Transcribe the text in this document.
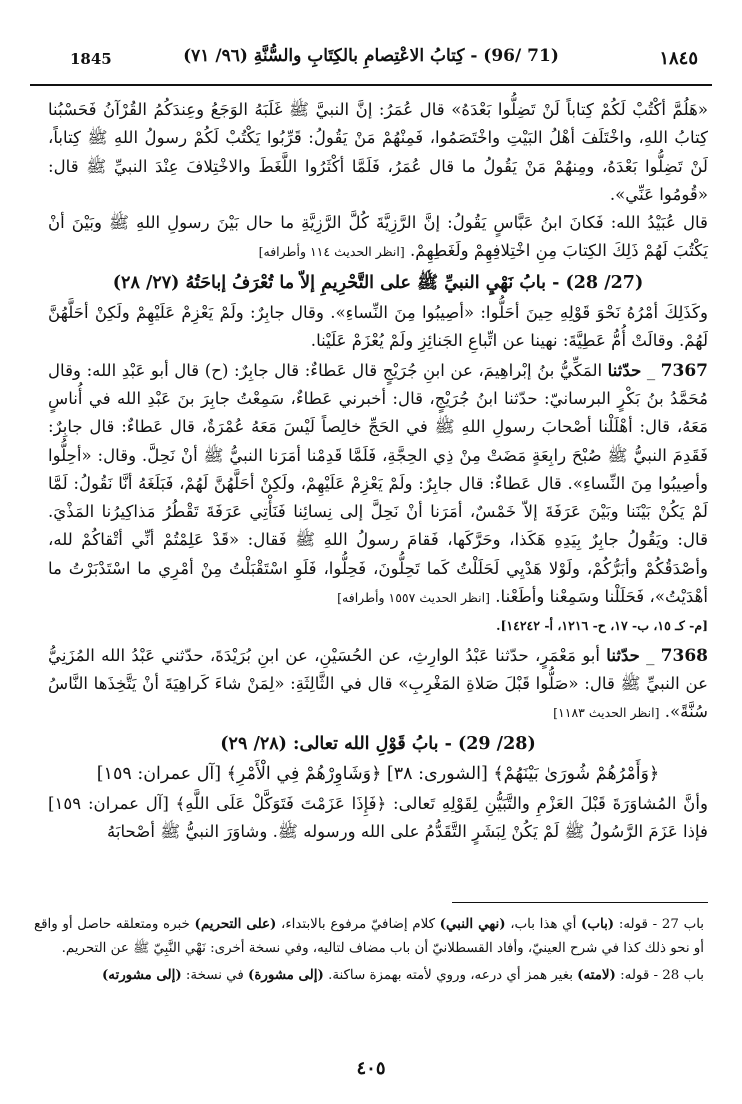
1845	(71 /96) - كِتابُ الاعْتِصامِ بالكِتَابِ والسُّنَّةِ (٩٦/ ٧١)	١٨٤٥

«هَلُمَّ أكْتُبْ لَكُمْ كِتاباً لَنْ تَضِلُّوا بَعْدَهُ» قال عُمَرُ: إنَّ النبيَّ ﷺ غَلَبَهُ الوَجَعُ وعِندَكُمُ القُرْآنُ فَحَسْبُنا كِتابُ اللهِ، واخْتَلَفَ أهْلُ البَيْتِ واخْتَصَمُوا، فَمِنْهُمْ مَنْ يَقُولُ: قَرِّبُوا يَكْتُبْ لَكُمْ رسولُ اللهِ ﷺ كِتاباً، لَنْ تَضِلُّوا بَعْدَهُ، ومِنهُمْ مَنْ يَقُولُ ما قال عُمَرُ، فَلَمَّا أكْثَرُوا اللَّغَطَ والاخْتِلافَ عِنْدَ النبيِّ ﷺ قال: «قُومُوا عَنِّي».

قال عُبَيْدُ الله: فَكانَ ابنُ عَبَّاسٍ يَقُولُ: إنَّ الرَّزِيَّةَ كُلَّ الرَّزِيَّةِ ما حال بَيْنَ رسولِ اللهِ ﷺ وبَيْنَ أنْ يَكْتُبَ لَهُمْ ذَلِكَ الكِتابَ مِنِ اخْتِلافِهِمْ ولَغَطِهِمْ. [انظر الحديث ١١٤ وأطرافه]

(27/ 28) - بابُ نَهْيِ النبيِّ ﷺ على التَّحْرِيمِ إلاّ ما تُعْرَفُ إباحَتُهُ (٢٧/ ٢٨)

وكَذَلِكَ أمْرُهُ نَحْوَ قَوْلِهِ حِينَ أحَلُّوا: «أصِيبُوا مِنَ النِّساءِ». وقال جابِرٌ: ولَمْ يَعْزِمْ عَلَيْهِمْ ولَكِنْ أحَلَّهُنَّ لَهُمْ. وقالَتْ أُمُّ عَطِيَّةَ: نهينا عن اتِّباعِ الجَنائِزِ ولَمْ يُعْزَمْ عَلَيْنا.

7367 _ حدّثنا المَكِّيُّ بنُ إبْراهِيمَ، عن ابنِ جُرَيْجٍ قال عَطاءٌ: قال جابِرٌ: (ح) قال أبو عَبْدِ الله: وقال مُحَمَّدُ بنُ بَكْرٍ البرسانيّ: حدّثنا ابنُ جُرَيْجٍ، قال: أخبرني عَطاءٌ، سَمِعْتُ جابِرَ بنَ عَبْدِ الله في أُناسٍ مَعَهُ، قال: أهْلَلْنا أصْحابَ رسولِ اللهِ ﷺ في الحَجِّ خالِصاً لَيْسَ مَعَهُ عُمْرَةٌ، قال عَطاءٌ: قال جابِرٌ: فَقَدِمَ النبيُّ ﷺ صُبْحَ رابِعَةٍ مَضَتْ مِنْ ذِي الحِجَّةِ، فَلَمَّا قَدِمْنا أمَرَنا النبيُّ ﷺ أنْ نَحِلَّ. وقال: «أحِلُّوا وأصِيبُوا مِنَ النِّساءِ». قال عَطاءٌ: قال جابِرٌ: ولَمْ يَعْزِمْ عَلَيْهِمْ، ولَكِنْ أحَلَّهُنَّ لَهُمْ، فَبَلَغَهُ أنَّا نَقُولُ: لَمَّا لَمْ يَكُنْ بَيْنَنا وبَيْنَ عَرَفَةَ إلاّ خَمْسٌ، أمَرَنا أنْ نَحِلَّ إلى نِسائِنا فَنَأْتِي عَرَفَةَ تَقْطُرُ مَذاكِيرُنا المَذْيَ. قال: ويَقُولُ جابِرٌ بِيَدِهِ هَكَذا، وحَرَّكَها، فَقامَ رسولُ اللهِ ﷺ فَقال: «قَدْ عَلِمْتُمْ أنِّي أتْقاكُمْ لله، وأصْدَقُكُمْ وأبَرُّكُمْ، ولَوْلا هَدْيِي لَحَلَلْتُ كَما تَحِلُّونَ، فَحِلُّوا، فَلَوِ اسْتَقْبَلْتُ مِنْ أمْرِي ما اسْتَدْبَرْتُ ما أهْدَيْتُ»، فَحَلَلْنا وسَمِعْنا وأطَعْنا. [انظر الحديث ١٥٥٧ وأطرافه]
[م- كـ ١٥، ب- ١٧، ح- ١٢١٦، أ- ١٤٢٤٢].

7368 _ حدّثنا أبو مَعْمَرٍ، حدّثنا عَبْدُ الوارِثِ، عن الحُسَيْنِ، عن ابنِ بُرَيْدَةَ، حدّثني عَبْدُ الله المُزَنِيُّ عن النبيِّ ﷺ قال: «صَلُّوا قَبْلَ صَلاةِ المَغْرِبِ» قال في الثَّالِثَةِ: «لِمَنْ شاءَ كَراهِيَةَ أنْ يَتَّخِذَها النَّاسُ سُنَّةً». [انظر الحديث ١١٨٣]

(28/ 29) - بابُ قَوْلِ الله تعالى: (٢٨/ ٢٩)

﴿وَأَمْرُهُمْ شُورَىٰ بَيْنَهُمْ﴾ [الشورى: ٣٨] ﴿وَشَاوِرْهُمْ فِي الْأَمْرِ﴾ [آل عمران: ١٥٩]

وأنَّ المُشاوَرَةَ قَبْلَ العَزْمِ والتَّبَيُّنِ لِقَوْلِهِ تَعالى: ﴿فَإِذَا عَزَمْتَ فَتَوَكَّلْ عَلَى اللَّهِ﴾ [آل عمران: ١٥٩] فإذا عَزَمَ الرَّسُولُ ﷺ لَمْ يَكُنْ لِبَشَرٍ التَّقَدُّمُ على الله ورسوله ﷺ. وشاوَرَ النبيُّ ﷺ أصْحابَهُ

باب 27 - قوله: (باب) أي هذا باب، (نهي النبي) كلام إضافيّ مرفوع بالابتداء، (على التحريم) خبره ومتعلقه حاصل أو واقع أو نحو ذلك كذا في شرح العينيّ، وأفاد القسطلانيّ أن باب مضاف لتاليه، وفي نسخة أخرى: نَهْي النَّبِيّ ﷺ عن التحريم.

باب 28 - قوله: (لامته) بغير همز أي درعه، وروي لأمته بهمزة ساكنة. (إلى مشورة) في نسخة: (إلى مشورته)

٤٠٥
